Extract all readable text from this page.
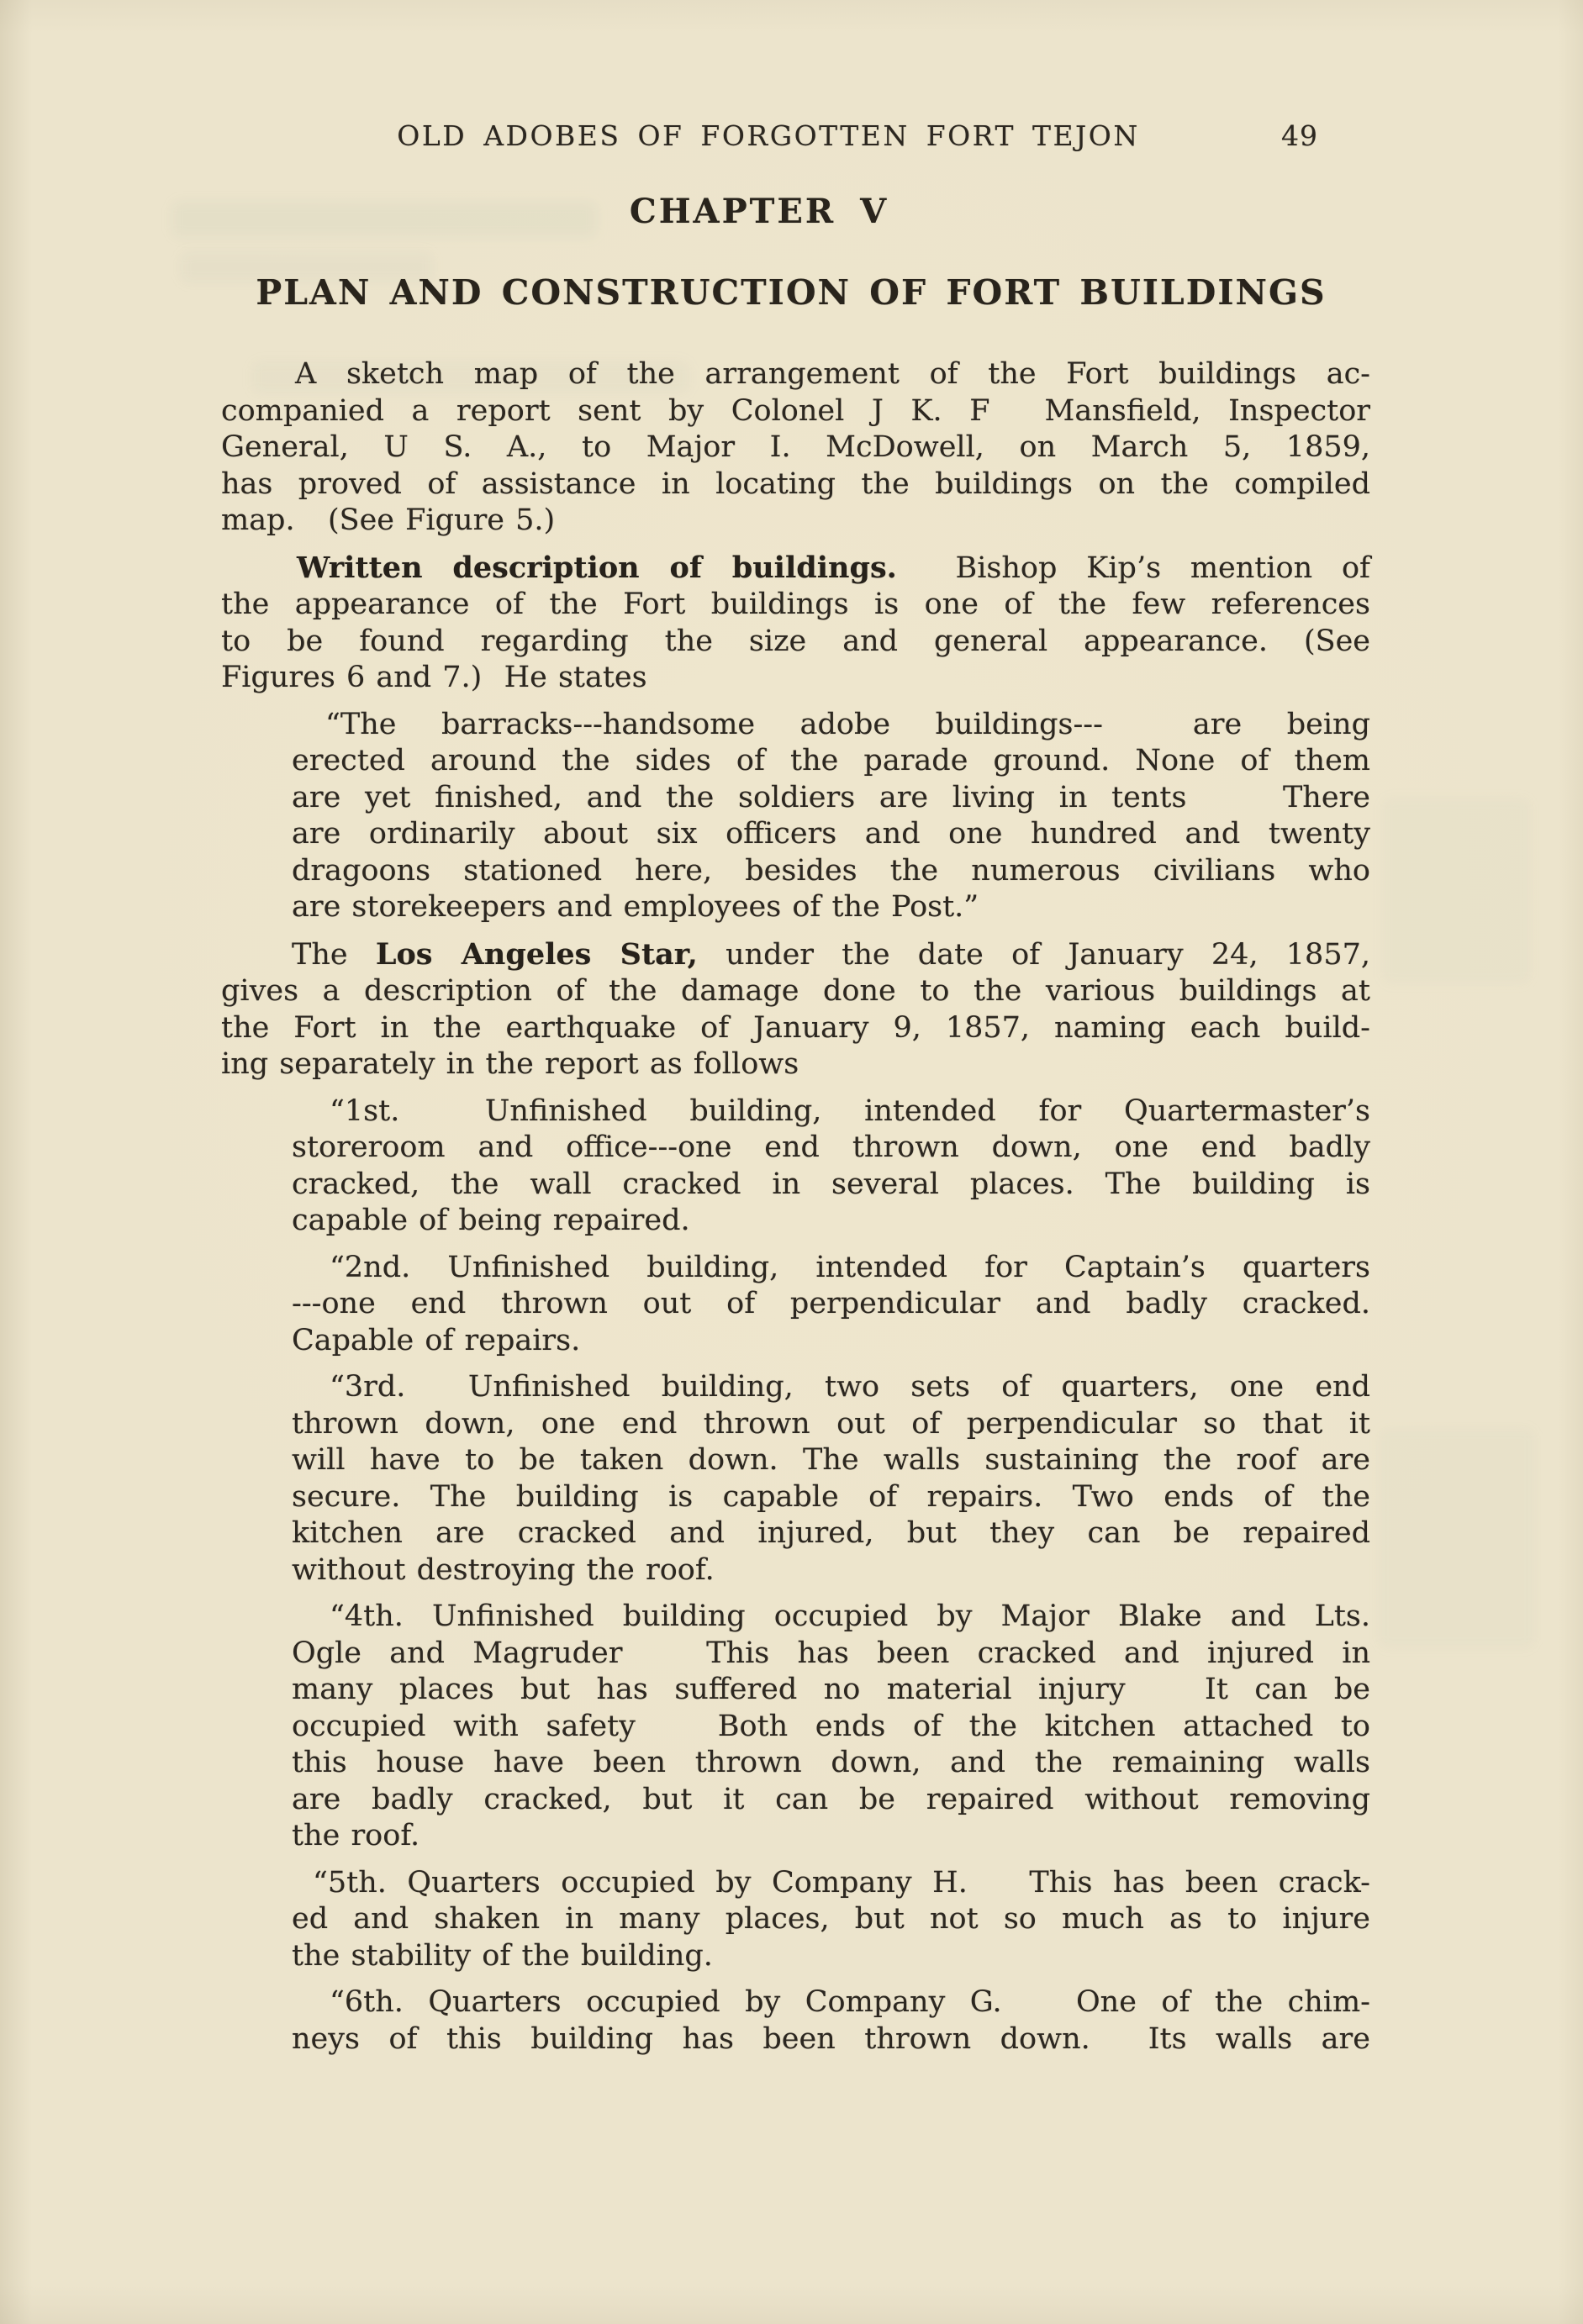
OLD ADOBES OF FORGOTTEN FORT TEJON	49
CHAPTER V
PLAN AND CONSTRUCTION OF FORT BUILDINGS
A sketch map of the arrangement of the Fort buildings ac-
companied a report sent by Colonel J K. F  Mansfield, Inspector
General, U S. A., to Major I. McDowell, on March 5, 1859,
has proved of assistance in locating the buildings on the compiled
map.   (See Figure 5.)
Written description of buildings.  Bishop Kip’s mention of
the appearance of the Fort buildings is one of the few references
to be found regarding the size and general appearance. (See
Figures 6 and 7.)  He states
“The barracks---handsome adobe buildings---  are being
erected around the sides of the parade ground. None of them
are yet finished, and the soldiers are living in tents    There
are ordinarily about six officers and one hundred and twenty
dragoons stationed here, besides the numerous civilians who
are storekeepers and employees of the Post.”
The Los Angeles Star, under the date of January 24, 1857,
gives a description of the damage done to the various buildings at
the Fort in the earthquake of January 9, 1857, naming each build-
ing separately in the report as follows
“1st.  Unfinished building, intended for Quartermaster’s
storeroom and office---one end thrown down, one end badly
cracked, the wall cracked in several places. The building is
capable of being repaired.
“2nd. Unfinished building, intended for Captain’s quarters
---one end thrown out of perpendicular and badly cracked.
Capable of repairs.
“3rd.  Unfinished building, two sets of quarters, one end
thrown down, one end thrown out of perpendicular so that it
will have to be taken down. The walls sustaining the roof are
secure. The building is capable of repairs. Two ends of the
kitchen are cracked and injured, but they can be repaired
without destroying the roof.
“4th. Unfinished building occupied by Major Blake and Lts.
Ogle and Magruder   This has been cracked and injured in
many places but has suffered no material injury   It can be
occupied with safety   Both ends of the kitchen attached to
this house have been thrown down, and the remaining walls
are badly cracked, but it can be repaired without removing
the roof.
“5th. Quarters occupied by Company H.   This has been crack-
ed and shaken in many places, but not so much as to injure
the stability of the building.
“6th. Quarters occupied by Company G.   One of the chim-
neys of this building has been thrown down.  Its walls are
